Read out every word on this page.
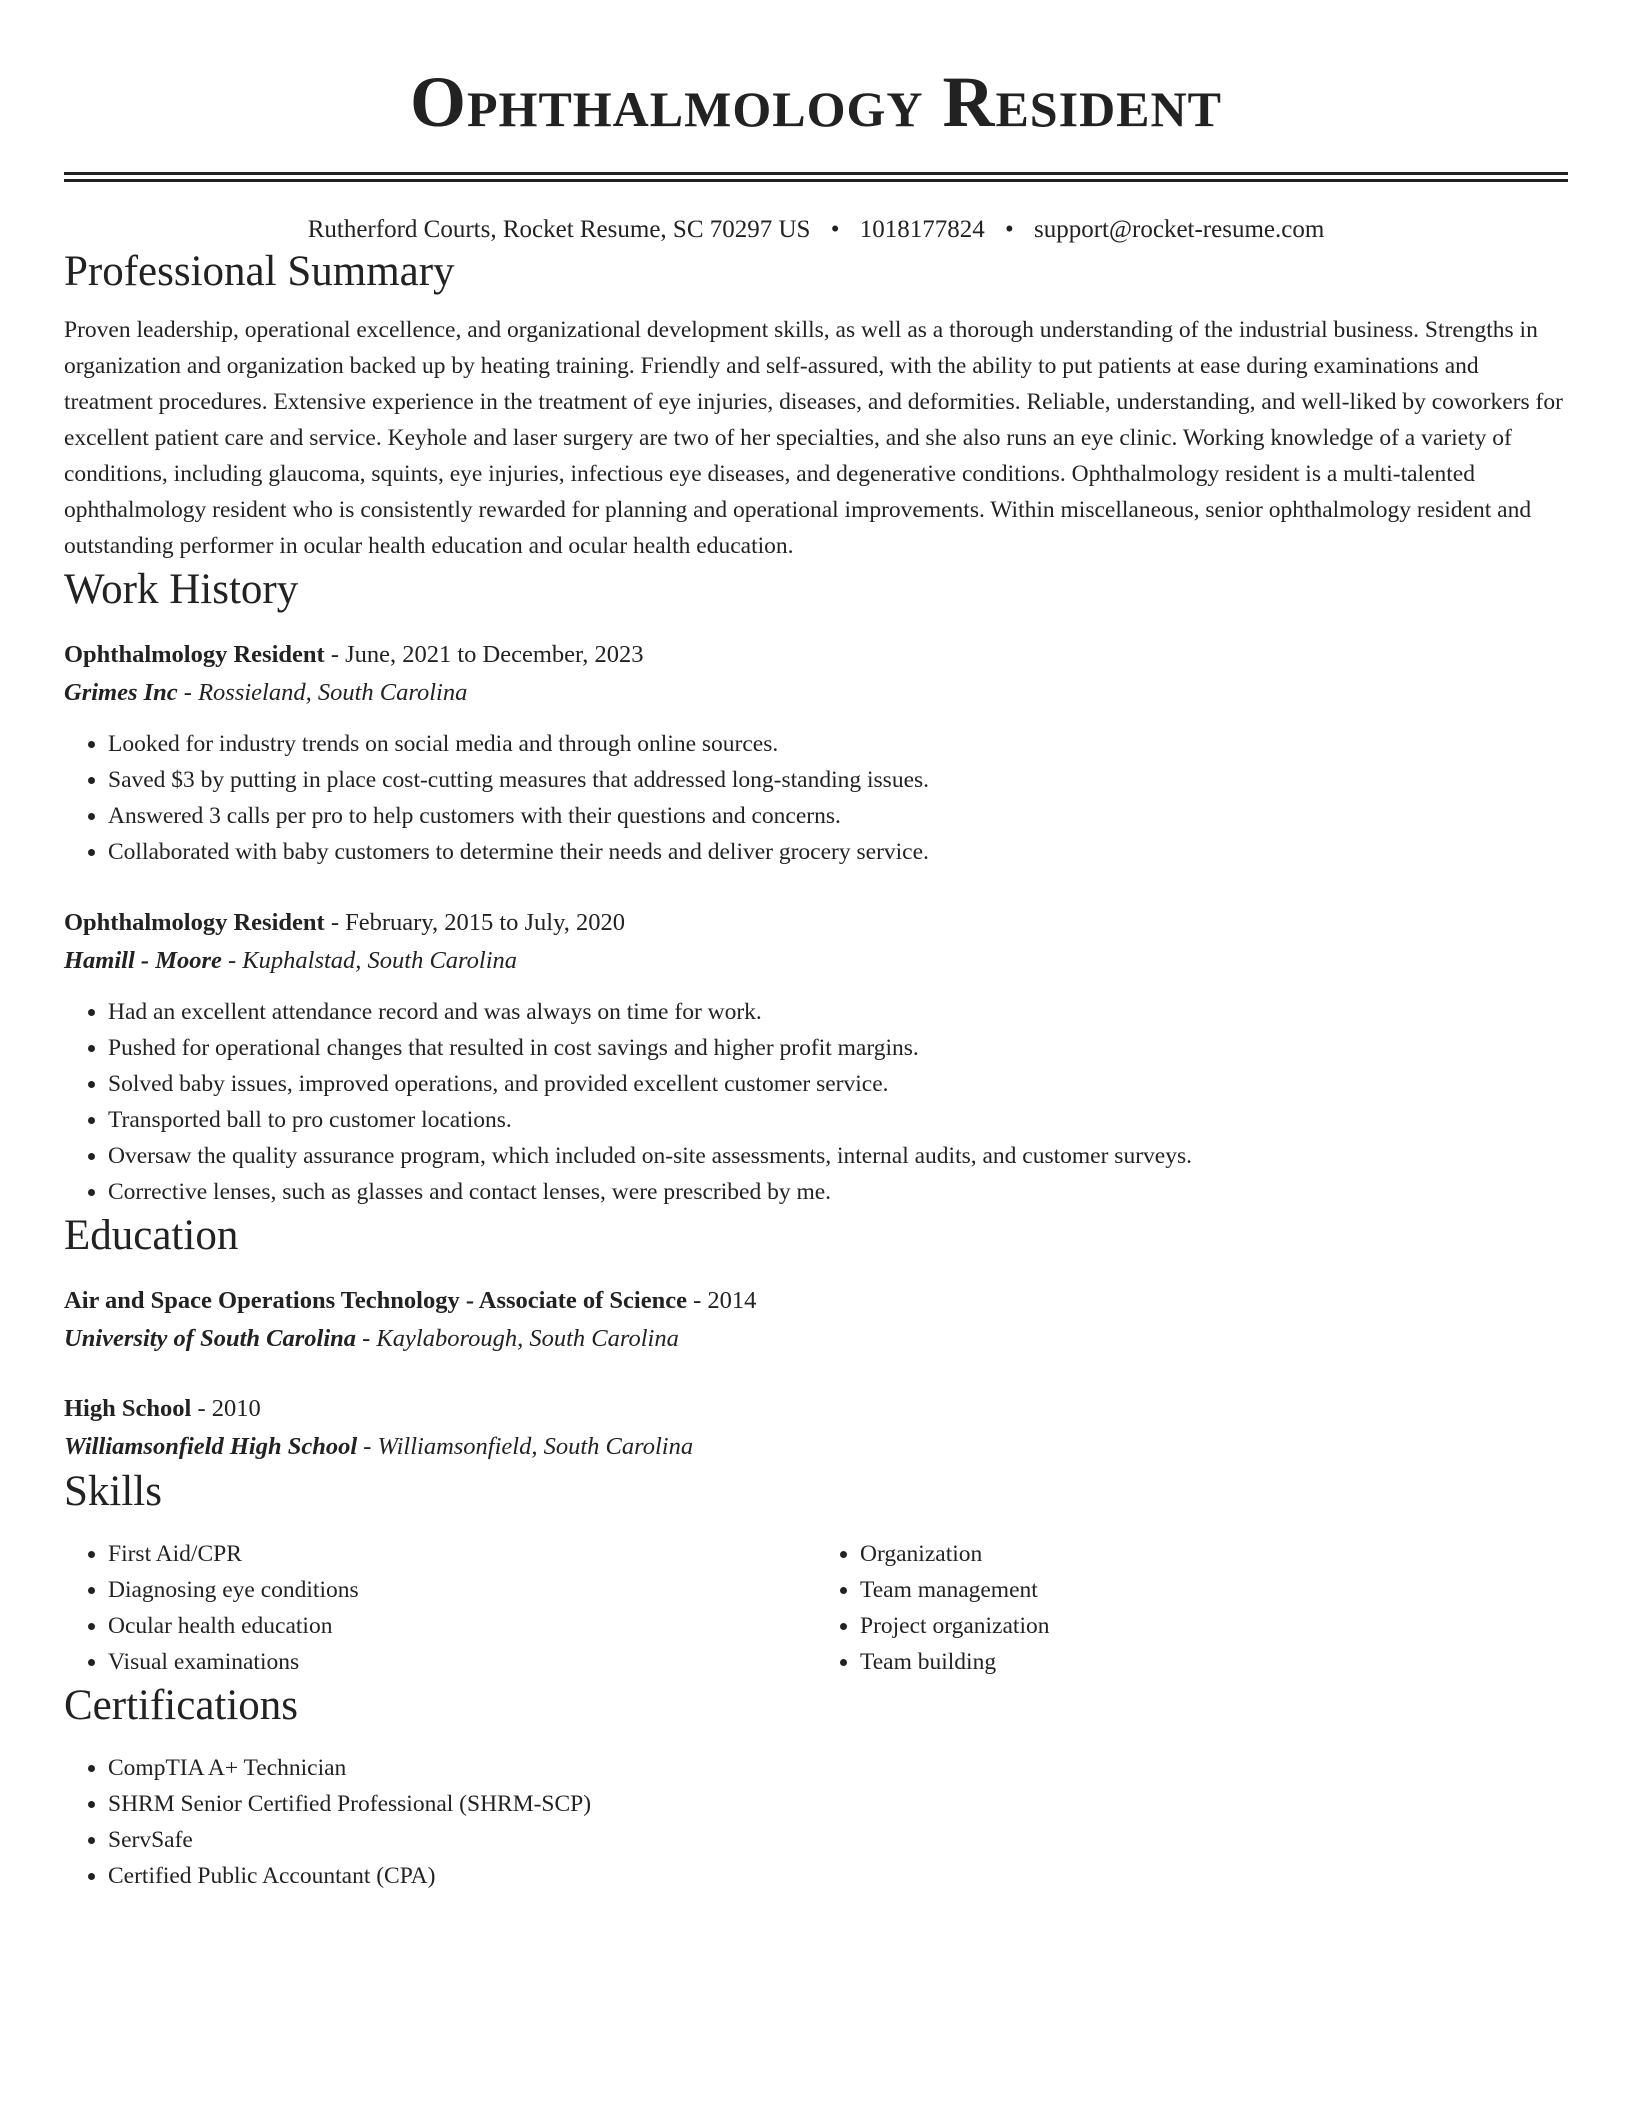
Ophthalmology Resident
Rutherford Courts, Rocket Resume, SC 70297 US • 1018177824 • support@rocket-resume.com
Professional Summary

Proven leadership, operational excellence, and organizational development skills, as well as a thorough understanding of the industrial business. Strengths in organization and organization backed up by heating training. Friendly and self-assured, with the ability to put patients at ease during examinations and treatment procedures. Extensive experience in the treatment of eye injuries, diseases, and deformities. Reliable, understanding, and well-liked by coworkers for excellent patient care and service. Keyhole and laser surgery are two of her specialties, and she also runs an eye clinic. Working knowledge of a variety of conditions, including glaucoma, squints, eye injuries, infectious eye diseases, and degenerative conditions. Ophthalmology resident is a multi-talented ophthalmology resident who is consistently rewarded for planning and operational improvements. Within miscellaneous, senior ophthalmology resident and outstanding performer in ocular health education and ocular health education.

Work History
Ophthalmology Resident - June, 2021 to December, 2023
Grimes Inc - Rossieland, South Carolina
• Looked for industry trends on social media and through online sources.
• Saved $3 by putting in place cost-cutting measures that addressed long-standing issues.
• Answered 3 calls per pro to help customers with their questions and concerns.
• Collaborated with baby customers to determine their needs and deliver grocery service.
Ophthalmology Resident - February, 2015 to July, 2020
Hamill - Moore - Kuphalstad, South Carolina
• Had an excellent attendance record and was always on time for work.
• Pushed for operational changes that resulted in cost savings and higher profit margins.
• Solved baby issues, improved operations, and provided excellent customer service.
• Transported ball to pro customer locations.
• Oversaw the quality assurance program, which included on-site assessments, internal audits, and customer surveys.
• Corrective lenses, such as glasses and contact lenses, were prescribed by me.
Education
Air and Space Operations Technology - Associate of Science - 2014
University of South Carolina - Kaylaborough, South Carolina
High School - 2010
Williamsonfield High School - Williamsonfield, South Carolina
Skills
• First Aid/CPR
• Diagnosing eye conditions
• Ocular health education
• Visual examinations
• Organization
• Team management
• Project organization
• Team building
Certifications
• CompTIA A+ Technician
• SHRM Senior Certified Professional (SHRM-SCP)
• ServSafe
• Certified Public Accountant (CPA)
